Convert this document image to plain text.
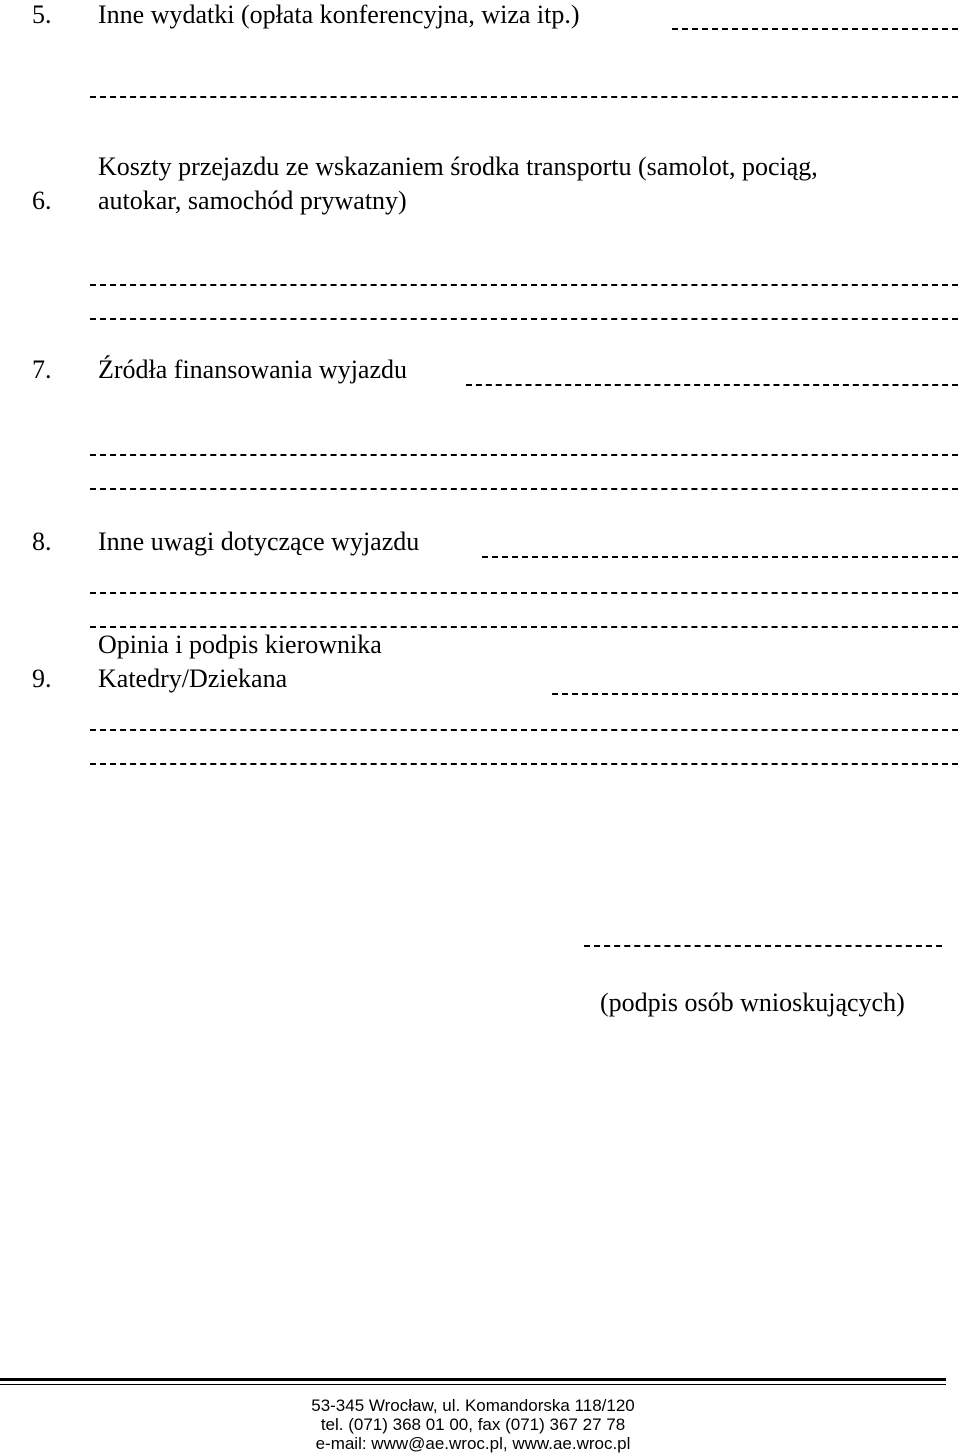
5. Inne wydatki (opłata konferencyjna, wiza itp.)
Koszty przejazdu ze wskazaniem środka transportu (samolot, pociąg,
6. autokar, samochód prywatny)
7. Źródła finansowania wyjazdu
8. Inne uwagi dotyczące wyjazdu
Opinia i podpis kierownika
9. Katedry/Dziekana
(podpis osób wnioskujących)
53-345 Wrocław, ul. Komandorska 118/120
tel. (071) 368 01 00, fax (071) 367 27 78
e-mail: www@ae.wroc.pl, www.ae.wroc.pl
